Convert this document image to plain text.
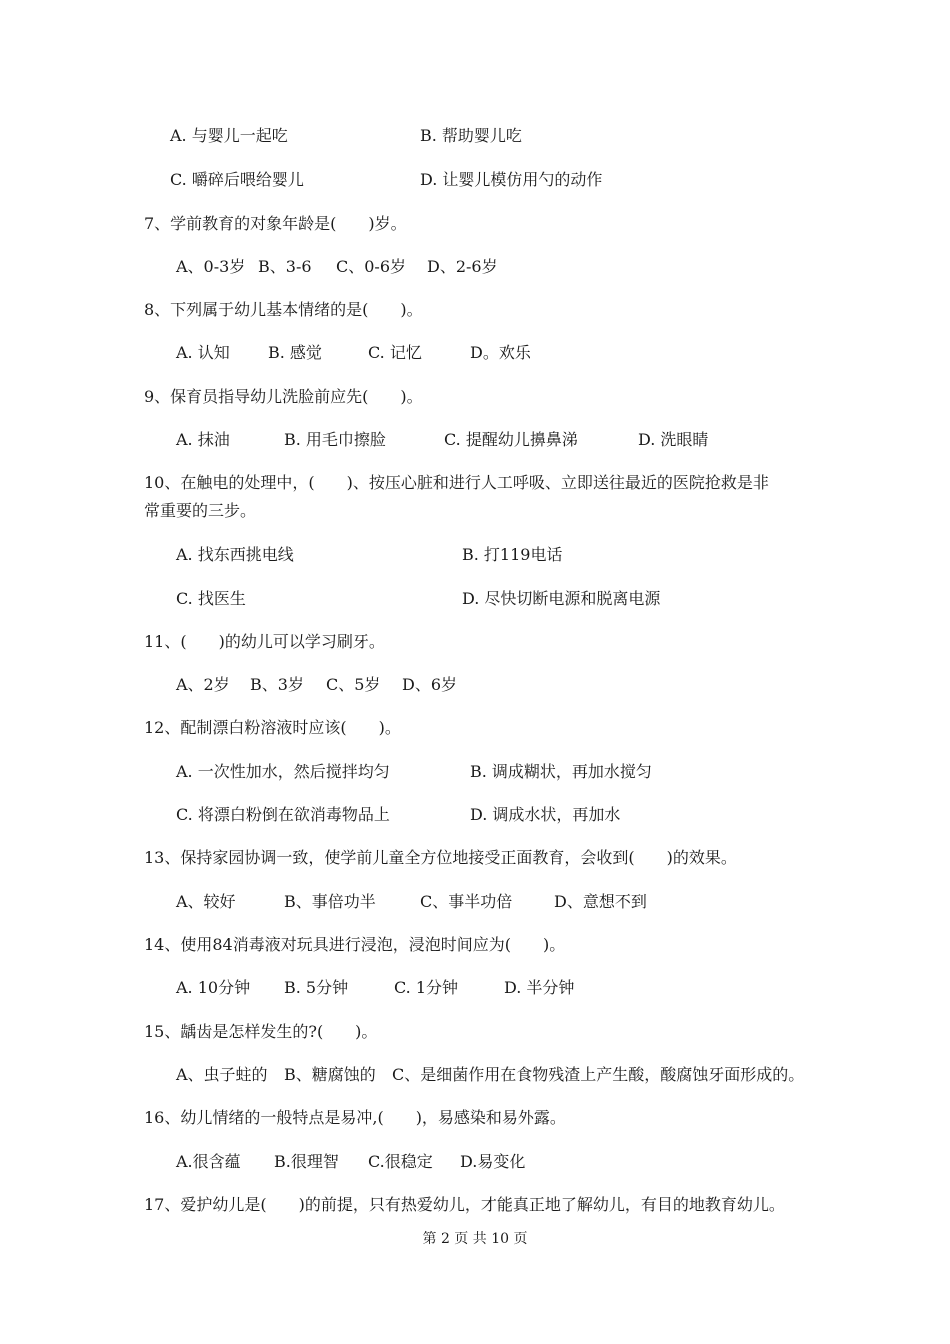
A. 与婴儿一起吃	B. 帮助婴儿吃
C. 嚼碎后喂给婴儿	D. 让婴儿模仿用勺的动作
7、学前教育的对象年龄是(　　)岁。
A、0-3岁 B、3-6 C、0-6岁 D、2-6岁
8、下列属于幼儿基本情绪的是(　　)。
A. 认知 B. 感觉	C. 记忆	D。欢乐
9、保育员指导幼儿洗脸前应先(　　)。
A. 抹油	B. 用毛巾擦脸	C. 提醒幼儿擤鼻涕	D. 洗眼睛
10、在触电的处理中，(　　)、按压心脏和进行人工呼吸、立即送往最近的医院抢救是非
常重要的三步。
A. 找东西挑电线	B. 打119电话
C. 找医生	D. 尽快切断电源和脱离电源
11、(　　)的幼儿可以学习刷牙。
A、2岁 B、3岁 C、5岁 D、6岁
12、配制漂白粉溶液时应该(　　)。
A. 一次性加水，然后搅拌均匀	B. 调成糊状，再加水搅匀
C. 将漂白粉倒在欲消毒物品上	D. 调成水状，再加水
13、保持家园协调一致，使学前儿童全方位地接受正面教育，会收到(　　)的效果。
A、较好	B、事倍功半	C、事半功倍	D、意想不到
14、使用84消毒液对玩具进行浸泡，浸泡时间应为(　　)。
A. 10分钟 B. 5分钟	C. 1分钟	D. 半分钟
15、龋齿是怎样发生的?(　　)。
A、虫子蛀的 B、糖腐蚀的 C、是细菌作用在食物残渣上产生酸，酸腐蚀牙面形成的。
16、幼儿情绪的一般特点是易冲,(　　)，易感染和易外露。
A.很含蕴 B.很理智 C.很稳定 D.易变化
17、爱护幼儿是(　　)的前提，只有热爱幼儿，才能真正地了解幼儿，有目的地教育幼儿。
第 2 页 共 10 页
